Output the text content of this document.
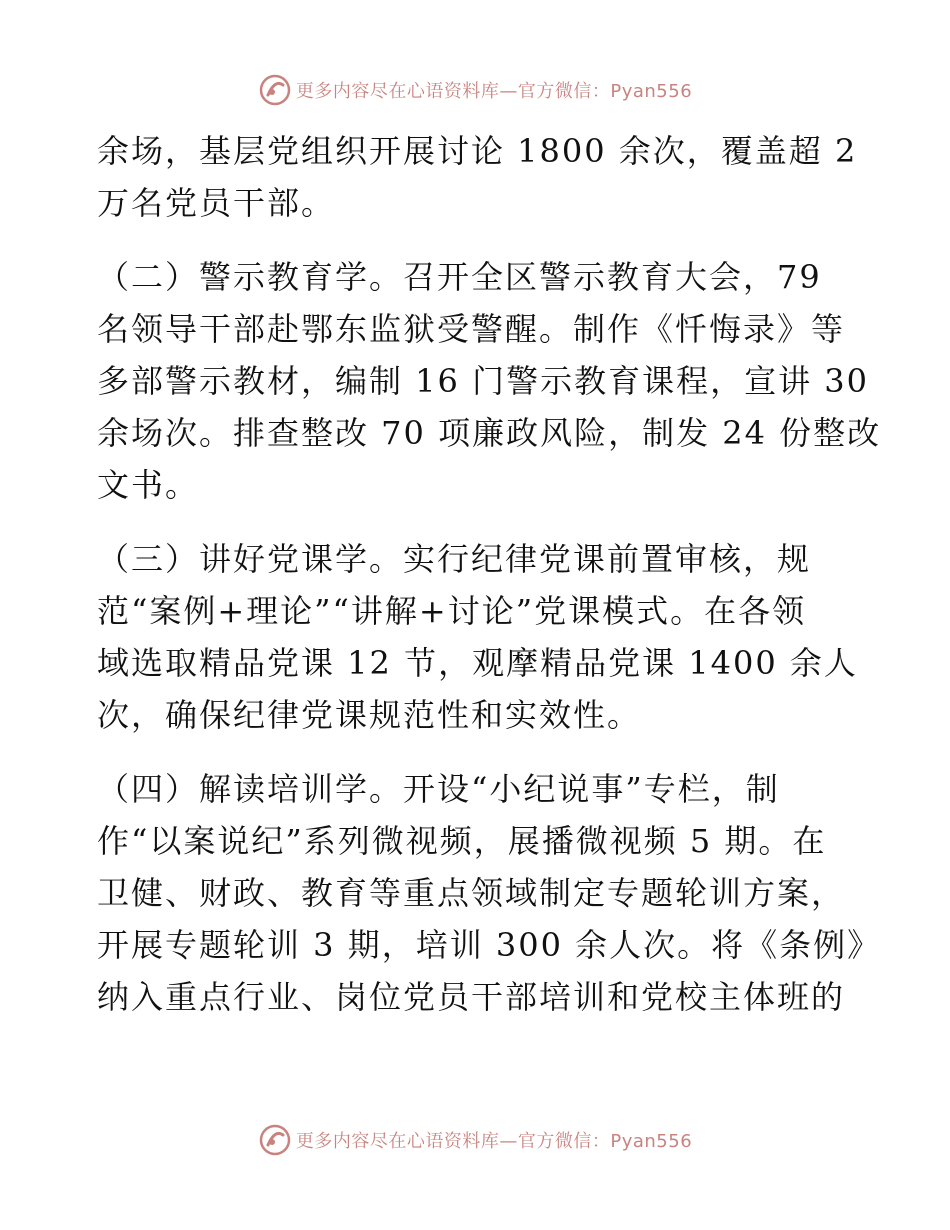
更多内容尽在心语资料库—官方微信：Pyan556
余场，基层党组织开展讨论 1800 余次，覆盖超 2
万名党员干部。
（二）警示教育学。召开全区警示教育大会，79
名领导干部赴鄂东监狱受警醒。制作《忏悔录》等
多部警示教材，编制 16 门警示教育课程，宣讲 30
余场次。排查整改 70 项廉政风险，制发 24 份整改
文书。
（三）讲好党课学。实行纪律党课前置审核，规
范“案例+理论”“讲解+讨论”党课模式。在各领
域选取精品党课 12 节，观摩精品党课 1400 余人
次，确保纪律党课规范性和实效性。
（四）解读培训学。开设“小纪说事”专栏，制
作“以案说纪”系列微视频，展播微视频 5 期。在
卫健、财政、教育等重点领域制定专题轮训方案，
开展专题轮训 3 期，培训 300 余人次。将《条例》
纳入重点行业、岗位党员干部培训和党校主体班的
更多内容尽在心语资料库—官方微信：Pyan556
